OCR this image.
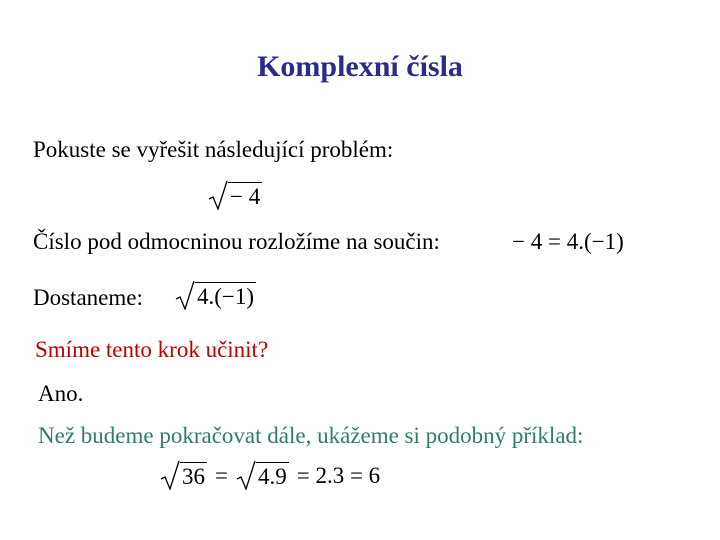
Komplexní čísla
Pokuste se vyřešit následující problém:
− 4
Číslo pod odmocninou rozložíme na součin:	− 4 = 4.(−1)
Dostaneme: 4.(−1)
Smíme tento krok učinit?
Ano.
Než budeme pokračovat dále, ukážeme si podobný příklad:
36 = 4.9 = 2.3 = 6
